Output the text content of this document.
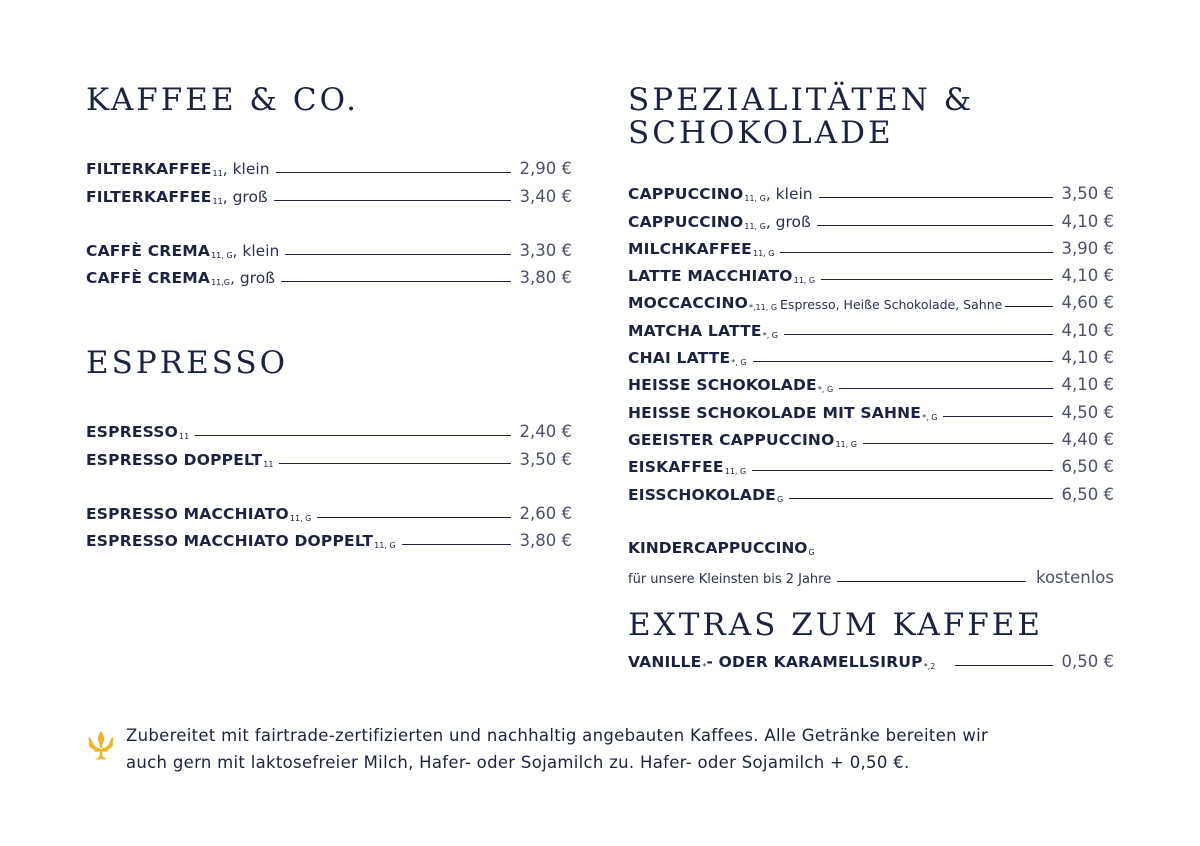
KAFFEE & CO.
FILTERKAFFEE 11 , klein	2,90 €
FILTERKAFFEE 11 , groß	3,40 €
CAFFÈ CREMA 11, G , klein	3,30 €
CAFFÈ CREMA 11,G , groß	3,80 €
ESPRESSO
ESPRESSO 11	2,40 €
ESPRESSO DOPPELT 11	3,50 €
ESPRESSO MACCHIATO 11, G	2,60 €
ESPRESSO MACCHIATO DOPPELT 11, G	3,80 €
SPEZIALITÄTEN &
SCHOKOLADE
CAPPUCCINO 11, G , klein	3,50 €
CAPPUCCINO 11, G , groß	4,10 €
MILCHKAFFEE 11, G	3,90 €
LATTE MACCHIATO 11, G	4,10 €
MOCCACCINO *,11, G Espresso, Heiße Schokolade, Sahne	4,60 €
MATCHA LATTE *, G	4,10 €
CHAI LATTE *, G	4,10 €
HEISSE SCHOKOLADE *, G	4,10 €
HEISSE SCHOKOLADE MIT SAHNE *, G	4,50 €
GEEISTER CAPPUCCINO 11, G	4,40 €
EISKAFFEE 11, G	6,50 €
EISSCHOKOLADE G	6,50 €
KINDERCAPPUCCINO G
für unsere Kleinsten bis 2 Jahre	kostenlos
EXTRAS ZUM KAFFEE
VANILLE * - ODER KARAMELLSIRUP *,2	0,50 €
Zubereitet mit fairtrade-zertifizierten und nachhaltig angebauten Kaffees. Alle Getränke bereiten wir
auch gern mit laktosefreier Milch, Hafer- oder Sojamilch zu. Hafer- oder Sojamilch + 0,50 €.
